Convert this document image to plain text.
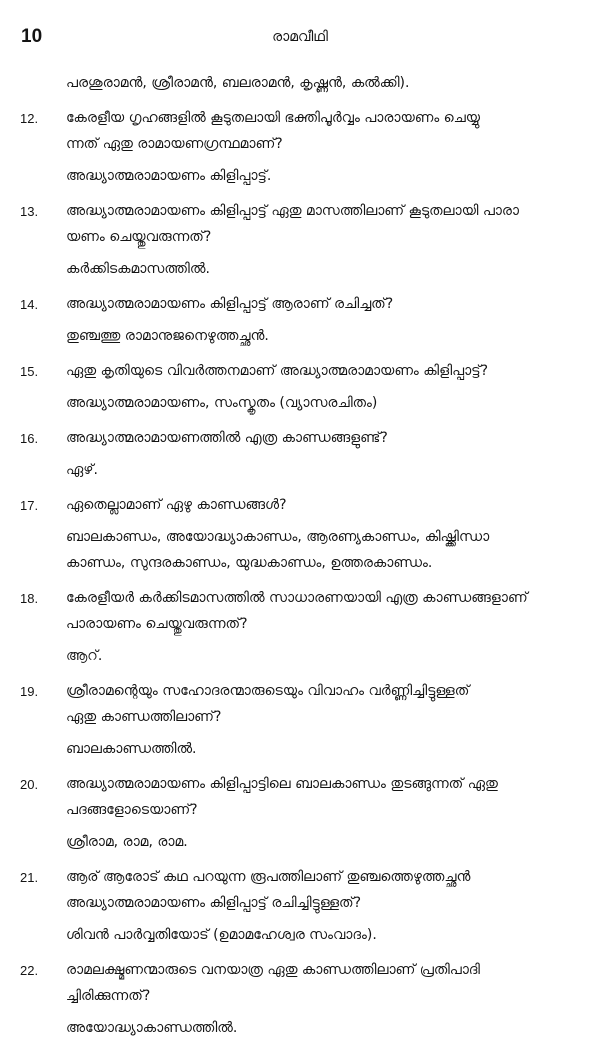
10	രാമവീഥി
പരശുരാമൻ, ശ്രീരാമൻ, ബലരാമൻ, കൃഷ്ണൻ, കൽക്കി).
12. കേരളീയ ഗൃഹങ്ങളിൽ കൂടുതലായി ഭക്തിപൂർവ്വം പാരായണം ചെയ്യു
ന്നത് ഏതു രാമായണഗ്രന്ഥമാണ്?
അദ്ധ്യാത്മരാമായണം കിളിപ്പാട്ട്.
13. അദ്ധ്യാത്മരാമായണം കിളിപ്പാട്ട് ഏതു മാസത്തിലാണ് കൂടുതലായി പാരാ
യണം ചെയ്തുവരുന്നത്?
കർക്കിടകമാസത്തിൽ.
14. അദ്ധ്യാത്മരാമായണം കിളിപ്പാട്ട് ആരാണ് രചിച്ചത്?
തുഞ്ചത്തു രാമാനുജനെഴുത്തച്ഛൻ.
15. ഏതു കൃതിയുടെ വിവർത്തനമാണ് അദ്ധ്യാത്മരാമായണം കിളിപ്പാട്ട്?
അദ്ധ്യാത്മരാമായണം, സംസ്കൃതം (വ്യാസരചിതം)
16. അദ്ധ്യാത്മരാമായണത്തിൽ എത്ര കാണ്ഡങ്ങളുണ്ട്?
ഏഴ്.
17. ഏതെല്ലാമാണ് ഏഴു കാണ്ഡങ്ങൾ?
ബാലകാണ്ഡം, അയോദ്ധ്യാകാണ്ഡം, ആരണ്യകാണ്ഡം, കിഷ്ക്കിന്ധാ
കാണ്ഡം, സുന്ദരകാണ്ഡം, യുദ്ധകാണ്ഡം, ഉത്തരകാണ്ഡം.
18. കേരളീയർ കർക്കിടമാസത്തിൽ സാധാരണയായി എത്ര കാണ്ഡങ്ങളാണ്
പാരായണം ചെയ്തുവരുന്നത്?
ആറ്.
19. ശ്രീരാമന്റെയും സഹോദരന്മാരുടെയും വിവാഹം വർണ്ണിച്ചിട്ടുള്ളത്
ഏതു കാണ്ഡത്തിലാണ്?
ബാലകാണ്ഡത്തിൽ.
20. അദ്ധ്യാത്മരാമായണം കിളിപ്പാട്ടിലെ ബാലകാണ്ഡം തുടങ്ങുന്നത് ഏതു
പദങ്ങളോടെയാണ്?
ശ്രീരാമ, രാമ, രാമ.
21. ആര് ആരോട് കഥ പറയുന്ന രൂപത്തിലാണ് തുഞ്ചത്തെഴുത്തച്ഛൻ
അദ്ധ്യാത്മരാമായണം കിളിപ്പാട്ട് രചിച്ചിട്ടുള്ളത്?
ശിവൻ പാർവ്വതിയോട് (ഉമാമഹേശ്വര സംവാദം).
22. രാമലക്ഷ്മണന്മാരുടെ വനയാത്ര ഏതു കാണ്ഡത്തിലാണ് പ്രതിപാദി
ച്ചിരിക്കുന്നത്?
അയോദ്ധ്യാകാണ്ഡത്തിൽ.
